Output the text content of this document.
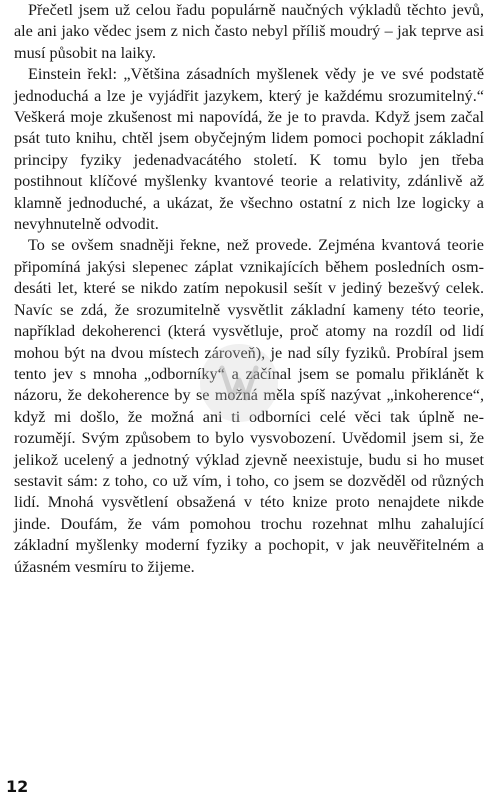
Přečetl jsem už celou řadu populárně naučných výkladů těchto jevů, ale ani jako vědec jsem z nich často nebyl příliš moudrý – jak teprve asi musí působit na laiky.

Einstein řekl: „Většina zásadních myšlenek vědy je ve své podstatě jednoduchá a lze je vyjádřit jazykem, který je každému srozumitelný.“ Veškerá moje zkušenost mi napovídá, že je to pravda. Když jsem začal psát tuto knihu, chtěl jsem obyčejným lidem pomoci pochopit základní principy fyziky jedenadvacátého století. K tomu bylo jen třeba postihnout klíčové myšlenky kvantové teorie a relativity, zdánlivě až klamně jednoduché, a ukázat, že všechno ostatní z nich lze logicky a nevyhnutelně odvodit.

To se ovšem snadněji řekne, než provede. Zejména kvantová teorie připomíná jakýsi slepenec záplat vznikajících během posledních osmdesáti let, které se nikdo zatím nepokusil sešít v jediný bezešvý celek. Navíc se zdá, že srozumitelně vysvětlit základní kameny této teorie, například dekoherenci (která vysvětluje, proč atomy na rozdíl od lidí mohou být na dvou místech zároveň), je nad síly fyziků. Probíral jsem tento jev s mnoha „odborníky“ a začínal jsem se pomalu přiklánět k názoru, že dekoherence by se možná měla spíš nazývat „inkoherence“, když mi došlo, že možná ani ti odborníci celé věci tak úplně nerozumějí. Svým způsobem to bylo vysvobození. Uvědomil jsem si, že jelikož ucelený a jednotný výklad zjevně neexistuje, budu si ho muset sestavit sám: z toho, co už vím, i toho, co jsem se dozvěděl od různých lidí. Mnohá vysvětlení obsažená v této knize proto nenajdete nikde jinde. Doufám, že vám pomohou trochu rozehnat mlhu zahalující základní myšlenky moderní fyziky a pochopit, v jak neuvěřitelném a úžasném vesmíru to žijeme.

12
